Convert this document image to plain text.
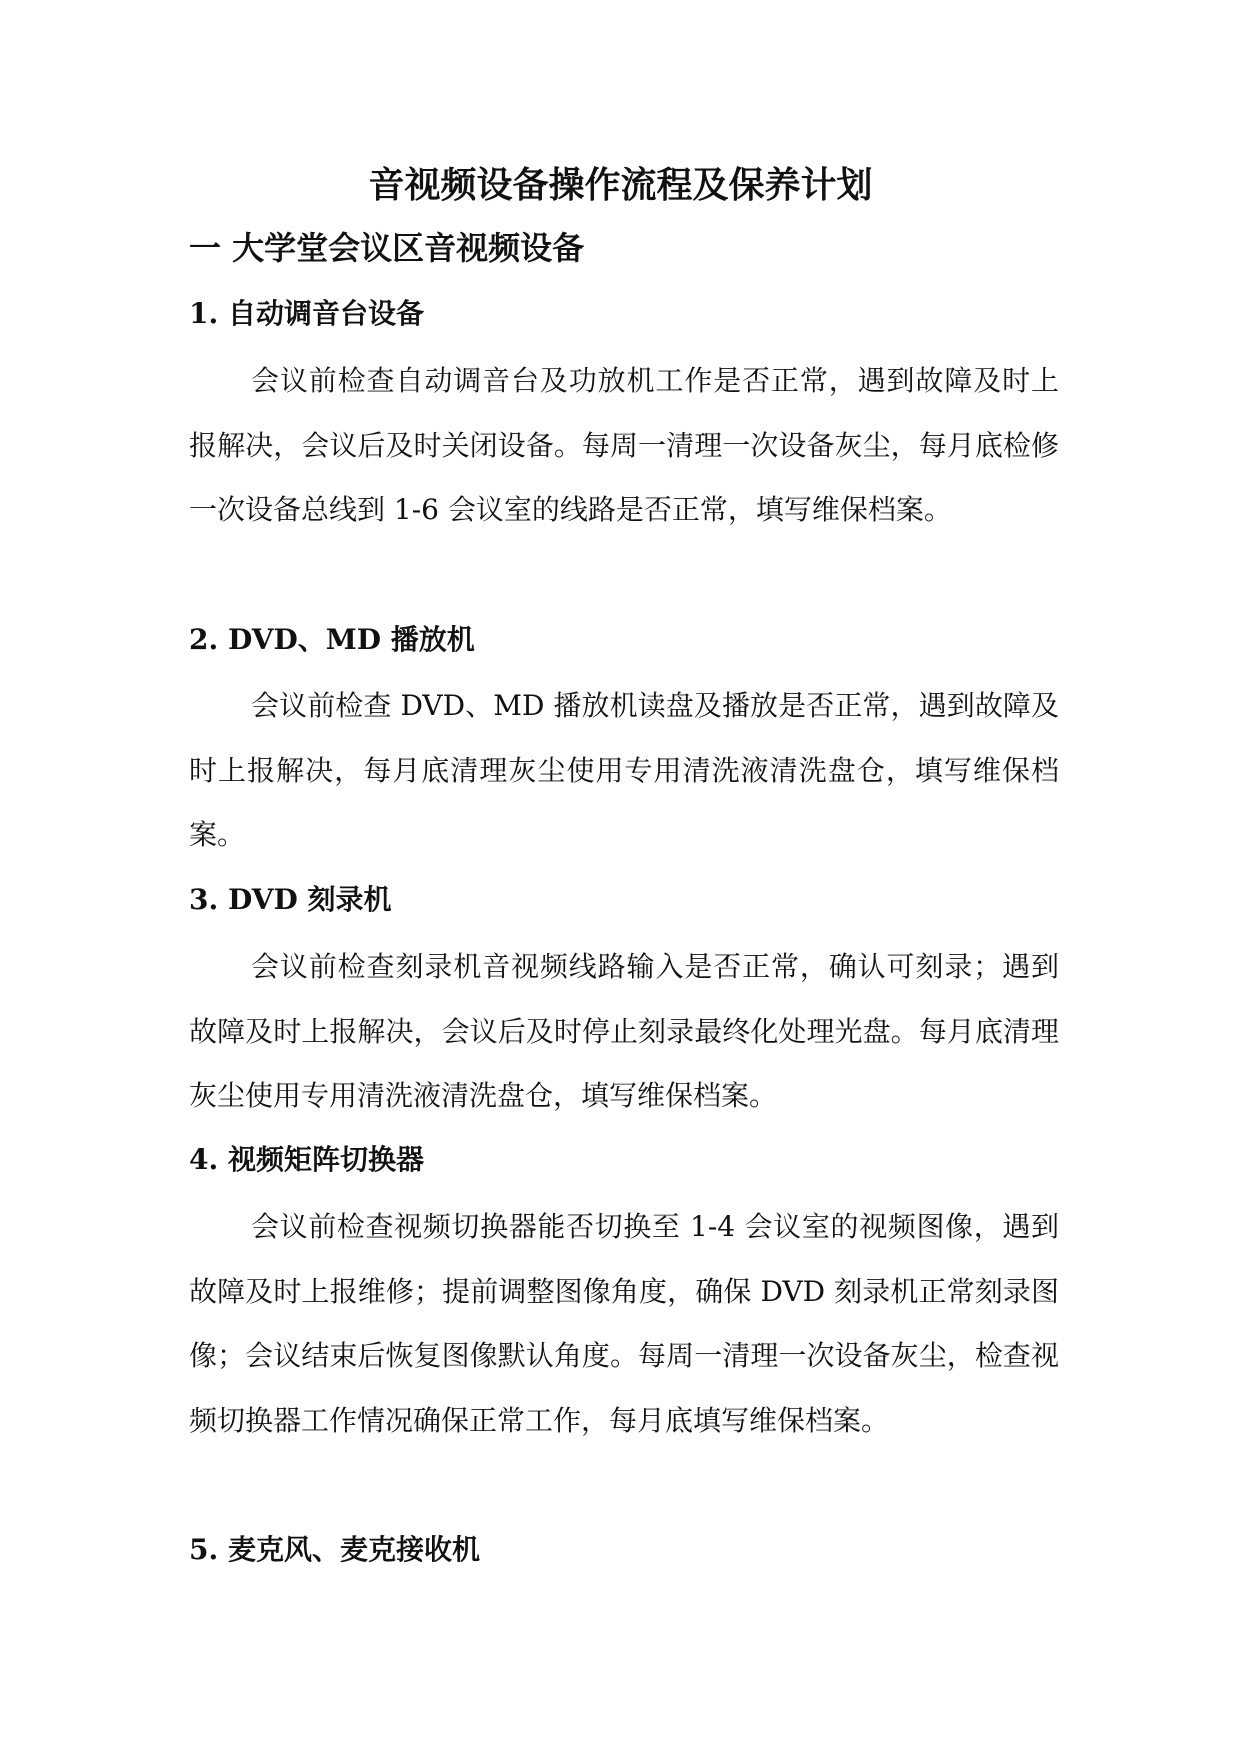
音视频设备操作流程及保养计划
一 大学堂会议区音视频设备
1. 自动调音台设备

会议前检查自动调音台及功放机工作是否正常，遇到故障及时上报解决，会议后及时关闭设备。每周一清理一次设备灰尘，每月底检修一次设备总线到 1-6 会议室的线路是否正常，填写维保档案。

2. DVD、MD 播放机

会议前检查 DVD、MD 播放机读盘及播放是否正常，遇到故障及时上报解决，每月底清理灰尘使用专用清洗液清洗盘仓，填写维保档案。

3. DVD 刻录机

会议前检查刻录机音视频线路输入是否正常，确认可刻录；遇到故障及时上报解决，会议后及时停止刻录最终化处理光盘。每月底清理灰尘使用专用清洗液清洗盘仓，填写维保档案。

4. 视频矩阵切换器

会议前检查视频切换器能否切换至 1-4 会议室的视频图像，遇到故障及时上报维修；提前调整图像角度，确保 DVD 刻录机正常刻录图像；会议结束后恢复图像默认角度。每周一清理一次设备灰尘，检查视频切换器工作情况确保正常工作，每月底填写维保档案。

5. 麦克风、麦克接收机
